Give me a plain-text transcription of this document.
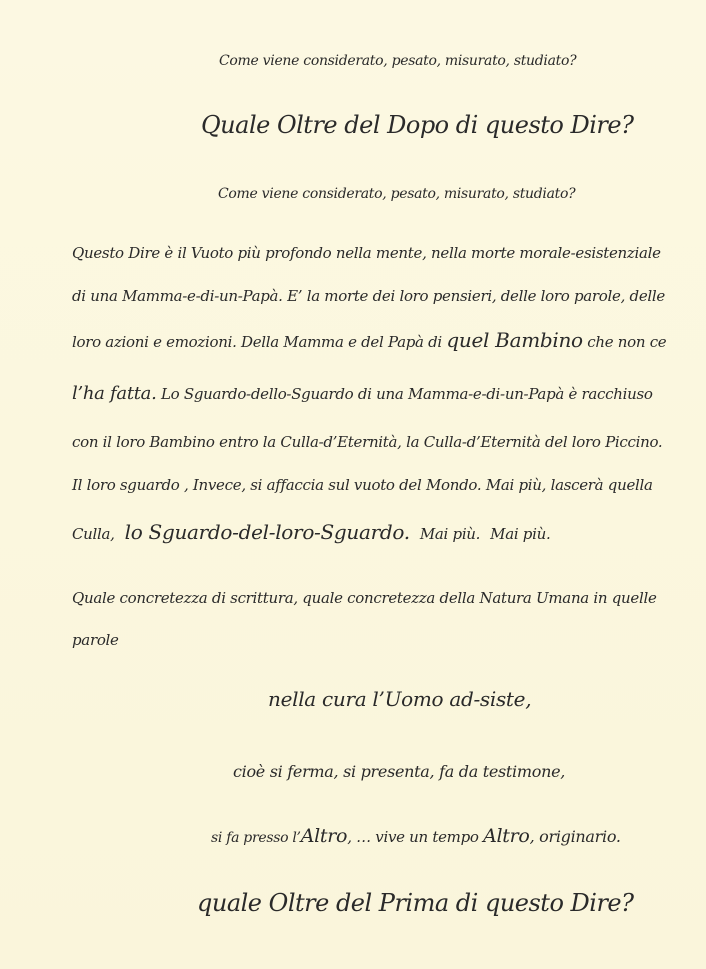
Come viene considerato, pesato, misurato, studiato?
Quale Oltre del Dopo di questo Dire?
Come viene considerato, pesato, misurato, studiato?
Questo Dire è il Vuoto più profondo nella mente, nella morte morale-esistenziale
di una Mamma-e-di-un-Papà. E’ la morte dei loro pensieri, delle loro parole, delle
loro azioni e emozioni. Della Mamma e del Papà di quel Bambino che non ce
l’ha fatta. Lo Sguardo-dello-Sguardo di una Mamma-e-di-un-Papà è racchiuso
con il loro Bambino entro la Culla-d’Eternità, la Culla-d’Eternità del loro Piccino.
Il loro sguardo , Invece, si affaccia sul vuoto del Mondo. Mai più, lascerà quella
Culla, lo Sguardo-del-loro-Sguardo. Mai più. Mai più.
Quale concretezza di scrittura, quale concretezza della Natura Umana in quelle
parole
nella cura l’Uomo ad-siste,
cioè si ferma, si presenta, fa da testimone,
si fa presso l’Altro, … vive un tempo Altro, originario.
quale Oltre del Prima di questo Dire?
